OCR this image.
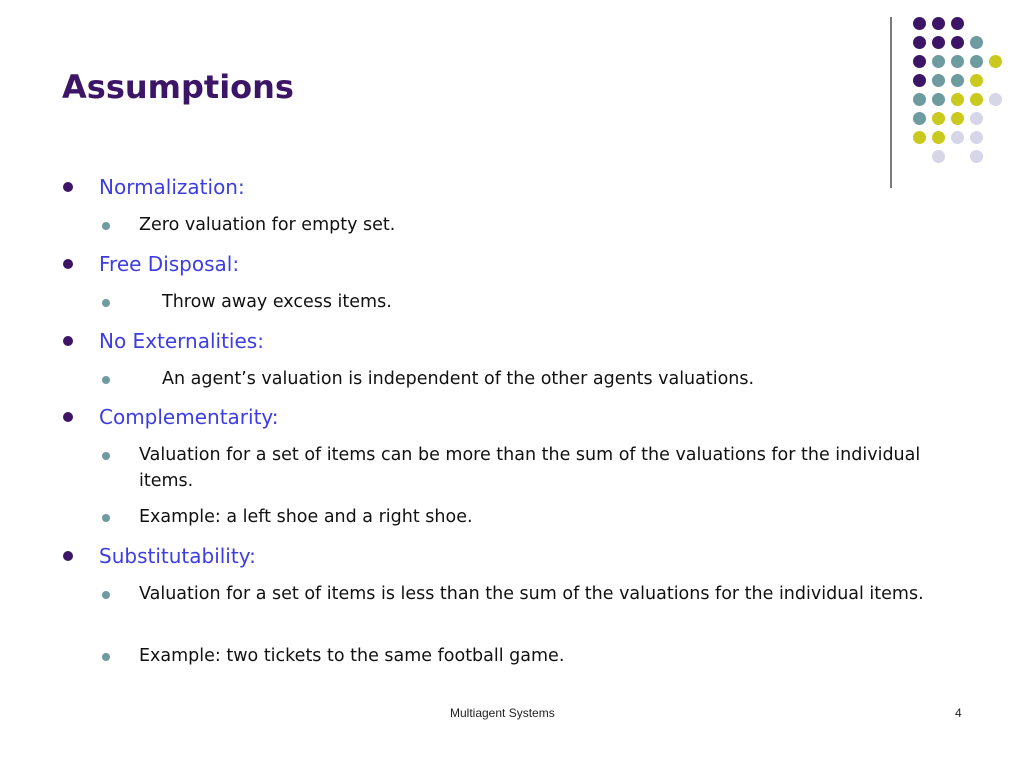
Assumptions
Normalization:
Zero valuation for empty set.
Free Disposal:
Throw away excess items.
No Externalities:
An agent’s valuation is independent of the other agents valuations.
Complementarity:
Valuation for a set of items can be more than the sum of the valuations for the individual items.
Example: a left shoe and a right shoe.
Substitutability:
Valuation for a set of items is less than the sum of the valuations for the individual items.
Example: two tickets to the same football game.
Multiagent Systems	4
